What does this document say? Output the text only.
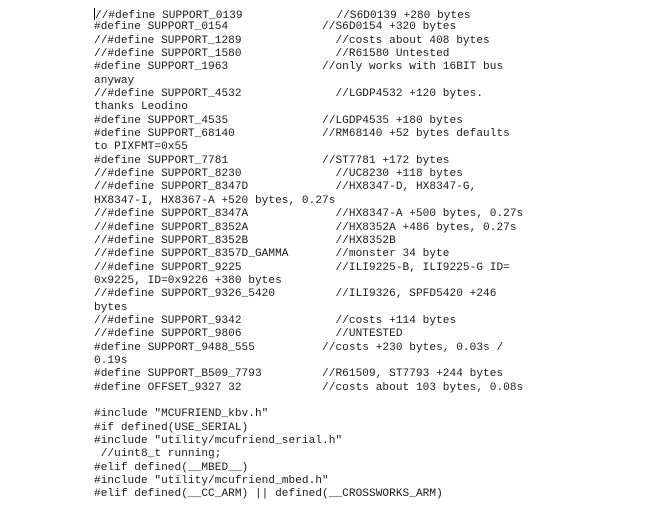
//#define SUPPORT_0139              //S6D0139 +280 bytes
#define SUPPORT_0154              //S6D0154 +320 bytes
//#define SUPPORT_1289              //costs about 408 bytes
//#define SUPPORT_1580              //R61580 Untested
#define SUPPORT_1963              //only works with 16BIT bus
anyway
//#define SUPPORT_4532              //LGDP4532 +120 bytes.
thanks Leodino
#define SUPPORT_4535              //LGDP4535 +180 bytes
#define SUPPORT_68140             //RM68140 +52 bytes defaults
to PIXFMT=0x55
#define SUPPORT_7781              //ST7781 +172 bytes
//#define SUPPORT_8230              //UC8230 +118 bytes
//#define SUPPORT_8347D             //HX8347-D, HX8347-G,
HX8347-I, HX8367-A +520 bytes, 0.27s
//#define SUPPORT_8347A             //HX8347-A +500 bytes, 0.27s
//#define SUPPORT_8352A             //HX8352A +486 bytes, 0.27s
//#define SUPPORT_8352B             //HX8352B
//#define SUPPORT_8357D_GAMMA       //monster 34 byte
//#define SUPPORT_9225              //ILI9225-B, ILI9225-G ID=
0x9225, ID=0x9226 +380 bytes
//#define SUPPORT_9326_5420         //ILI9326, SPFD5420 +246
bytes
//#define SUPPORT_9342              //costs +114 bytes
//#define SUPPORT_9806              //UNTESTED
#define SUPPORT_9488_555          //costs +230 bytes, 0.03s /
0.19s
#define SUPPORT_B509_7793         //R61509, ST7793 +244 bytes
#define OFFSET_9327 32            //costs about 103 bytes, 0.08s
#include "MCUFRIEND_kbv.h"
#if defined(USE_SERIAL)
#include "utility/mcufriend_serial.h"
//uint8_t running;
#elif defined(__MBED__)
#include "utility/mcufriend_mbed.h"
#elif defined(__CC_ARM) || defined(__CROSSWORKS_ARM)
